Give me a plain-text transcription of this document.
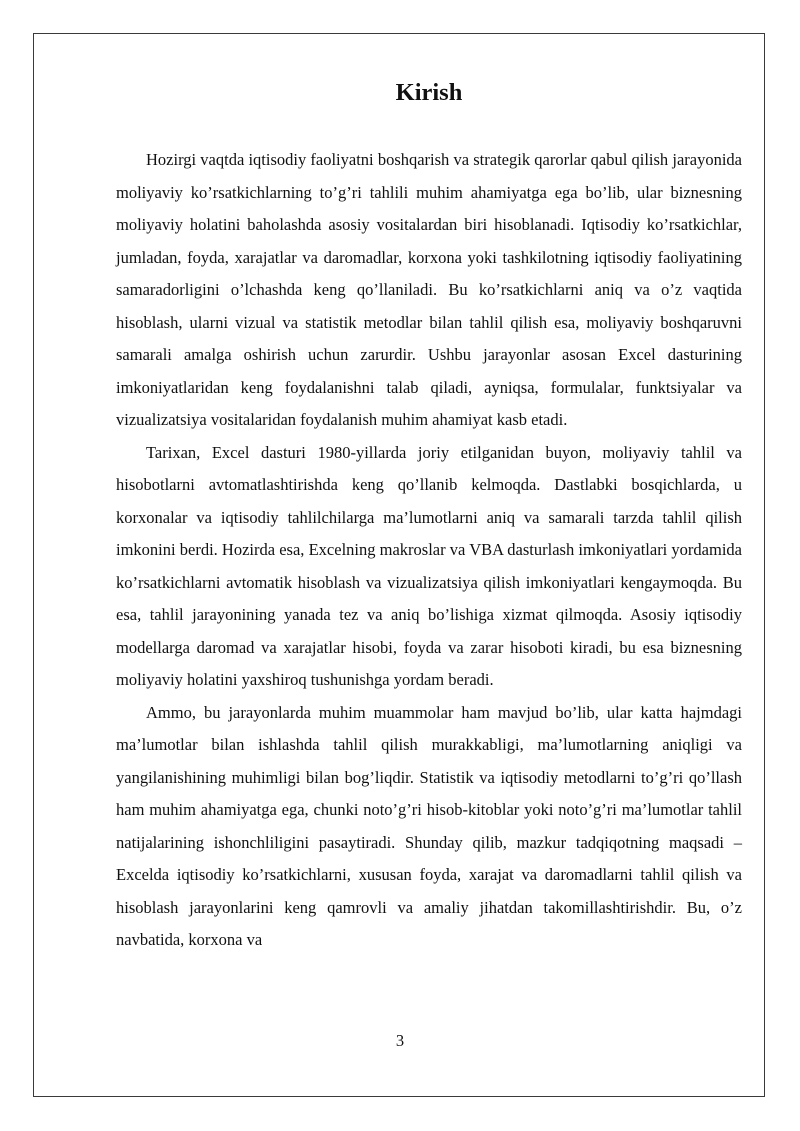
Kirish

Hozirgi vaqtda iqtisodiy faoliyatni boshqarish va strategik qarorlar qabul qilish jarayonida moliyaviy ko’rsatkichlarning to’g’ri tahlili muhim ahamiyatga ega bo’lib, ular biznesning moliyaviy holatini baholashda asosiy vositalardan biri hisoblanadi. Iqtisodiy ko’rsatkichlar, jumladan, foyda, xarajatlar va daromadlar, korxona yoki tashkilotning iqtisodiy faoliyatining samaradorligini o’lchashda keng qo’llaniladi. Bu ko’rsatkichlarni aniq va o’z vaqtida hisoblash, ularni vizual va statistik metodlar bilan tahlil qilish esa, moliyaviy boshqaruvni samarali amalga oshirish uchun zarurdir. Ushbu jarayonlar asosan Excel dasturining imkoniyatlaridan keng foydalanishni talab qiladi, ayniqsa, formulalar, funktsiyalar va vizualizatsiya vositalaridan foydalanish muhim ahamiyat kasb etadi.

Tarixan, Excel dasturi 1980-yillarda joriy etilganidan buyon, moliyaviy tahlil va hisobotlarni avtomatlashtirishda keng qo’llanib kelmoqda. Dastlabki bosqichlarda, u korxonalar va iqtisodiy tahlilchilarga ma’lumotlarni aniq va samarali tarzda tahlil qilish imkonini berdi. Hozirda esa, Excelning makroslar va VBA dasturlash imkoniyatlari yordamida ko’rsatkichlarni avtomatik hisoblash va vizualizatsiya qilish imkoniyatlari kengaymoqda. Bu esa, tahlil jarayonining yanada tez va aniq bo’lishiga xizmat qilmoqda. Asosiy iqtisodiy modellarga daromad va xarajatlar hisobi, foyda va zarar hisoboti kiradi, bu esa biznesning moliyaviy holatini yaxshiroq tushunishga yordam beradi.

Ammo, bu jarayonlarda muhim muammolar ham mavjud bo’lib, ular katta hajmdagi ma’lumotlar bilan ishlashda tahlil qilish murakkabligi, ma’lumotlarning aniqligi va yangilanishining muhimligi bilan bog’liqdir. Statistik va iqtisodiy metodlarni to’g’ri qo’llash ham muhim ahamiyatga ega, chunki noto’g’ri hisob-kitoblar yoki noto’g’ri ma’lumotlar tahlil natijalarining ishonchliligini pasaytiradi. Shunday qilib, mazkur tadqiqotning maqsadi – Excelda iqtisodiy ko’rsatkichlarni, xususan foyda, xarajat va daromadlarni tahlil qilish va hisoblash jarayonlarini keng qamrovli va amaliy jihatdan takomillashtirishdir. Bu, o’z navbatida, korxona va

3
